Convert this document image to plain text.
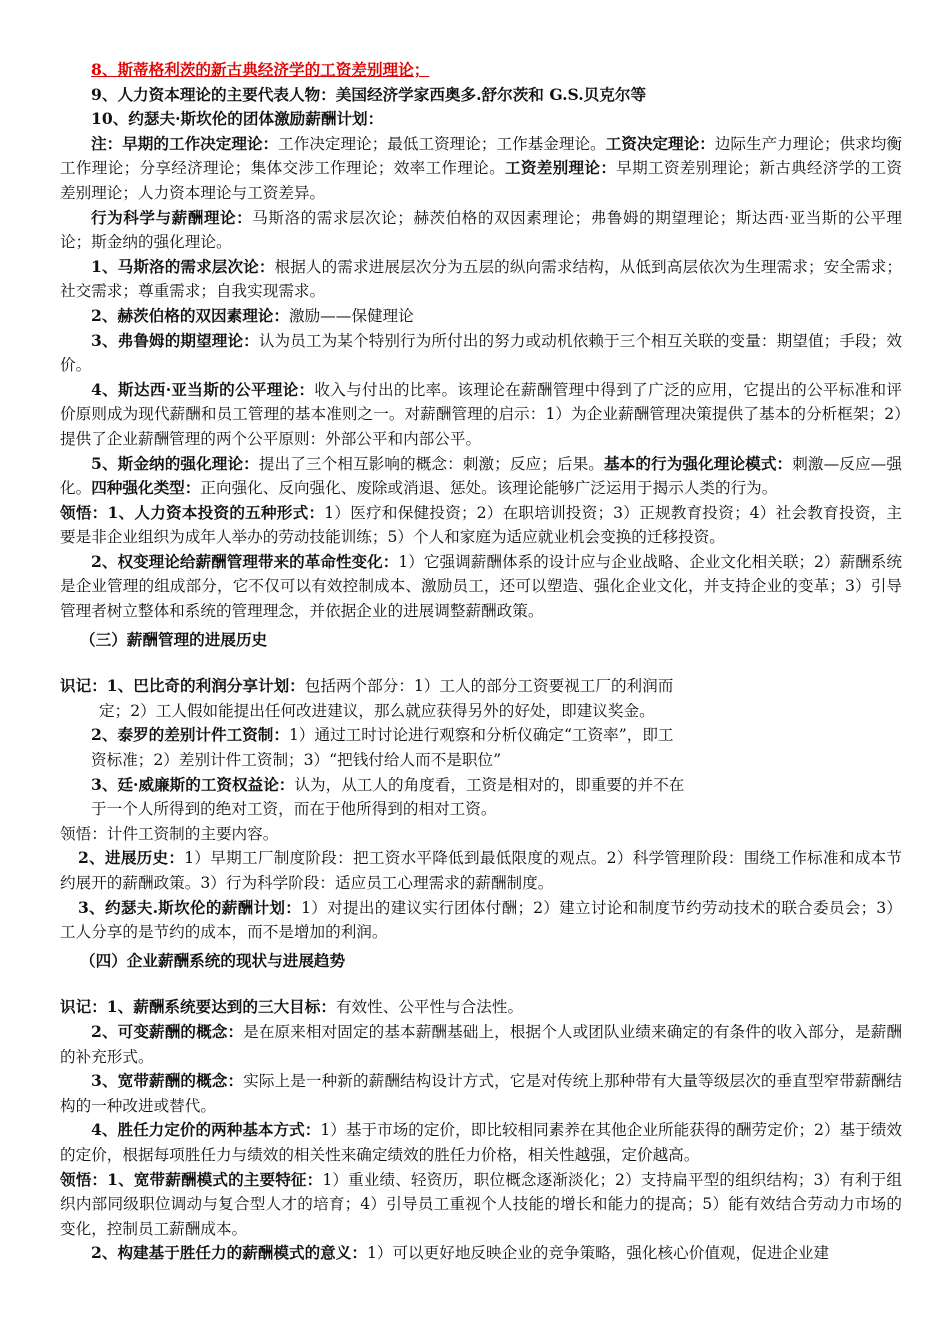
8、斯蒂格利茨的新古典经济学的工资差别理论；

9、人力资本理论的主要代表人物：美国经济学家西奥多.舒尔茨和 G.S.贝克尔等

10、约瑟夫·斯坎伦的团体激励薪酬计划：

注：早期的工作决定理论：工作决定理论；最低工资理论；工作基金理论。工资决定理论：边际生产力理论；供求均衡工作理论；分享经济理论；集体交涉工作理论；效率工作理论。工资差别理论：早期工资差别理论；新古典经济学的工资差别理论；人力资本理论与工资差异。

行为科学与薪酬理论：马斯洛的需求层次论；赫茨伯格的双因素理论；弗鲁姆的期望理论；斯达西·亚当斯的公平理论；斯金纳的强化理论。

1、马斯洛的需求层次论：根据人的需求进展层次分为五层的纵向需求结构，从低到高层依次为生理需求；安全需求；社交需求；尊重需求；自我实现需求。

2、赫茨伯格的双因素理论：激励——保健理论

3、弗鲁姆的期望理论：认为员工为某个特别行为所付出的努力或动机依赖于三个相互关联的变量：期望值；手段；效价。

4、斯达西·亚当斯的公平理论：收入与付出的比率。该理论在薪酬管理中得到了广泛的应用，它提出的公平标准和评价原则成为现代薪酬和员工管理的基本准则之一。对薪酬管理的启示：1）为企业薪酬管理决策提供了基本的分析框架；2）提供了企业薪酬管理的两个公平原则：外部公平和内部公平。

5、斯金纳的强化理论：提出了三个相互影响的概念：刺激；反应；后果。基本的行为强化理论模式：刺激—反应—强化。四种强化类型：正向强化、反向强化、废除或消退、惩处。该理论能够广泛运用于揭示人类的行为。

领悟：1、人力资本投资的五种形式：1）医疗和保健投资；2）在职培训投资；3）正规教育投资；4）社会教育投资，主要是非企业组织为成年人举办的劳动技能训练；5）个人和家庭为适应就业机会变换的迁移投资。

2、权变理论给薪酬管理带来的革命性变化：1）它强调薪酬体系的设计应与企业战略、企业文化相关联；2）薪酬系统是企业管理的组成部分，它不仅可以有效控制成本、激励员工，还可以塑造、强化企业文化，并支持企业的变革；3）引导管理者树立整体和系统的管理理念，并依据企业的进展调整薪酬政策。

（三）薪酬管理的进展历史

识记：1、巴比奇的利润分享计划：包括两个部分：1）工人的部分工资要视工厂的利润而

定；2）工人假如能提出任何改进建议，那么就应获得另外的好处，即建议奖金。

2、泰罗的差别计件工资制：1）通过工时讨论进行观察和分析仪确定“工资率”，即工

资标准；2）差别计件工资制；3）“把钱付给人而不是职位”

3、廷·威廉斯的工资权益论：认为，从工人的角度看，工资是相对的，即重要的并不在

于一个人所得到的绝对工资，而在于他所得到的相对工资。

领悟：计件工资制的主要内容。

2、进展历史：1）早期工厂制度阶段：把工资水平降低到最低限度的观点。2）科学管理阶段：围绕工作标准和成本节约展开的薪酬政策。3）行为科学阶段：适应员工心理需求的薪酬制度。

3、约瑟夫.斯坎伦的薪酬计划：1）对提出的建议实行团体付酬；2）建立讨论和制度节约劳动技术的联合委员会；3）工人分享的是节约的成本，而不是增加的利润。

（四）企业薪酬系统的现状与进展趋势

识记：1、薪酬系统要达到的三大目标：有效性、公平性与合法性。

2、可变薪酬的概念：是在原来相对固定的基本薪酬基础上，根据个人或团队业绩来确定的有条件的收入部分，是薪酬的补充形式。

3、宽带薪酬的概念：实际上是一种新的薪酬结构设计方式，它是对传统上那种带有大量等级层次的垂直型窄带薪酬结构的一种改进或替代。

4、胜任力定价的两种基本方式：1）基于市场的定价，即比较相同素养在其他企业所能获得的酬劳定价；2）基于绩效的定价，根据每项胜任力与绩效的相关性来确定绩效的胜任力价格，相关性越强，定价越高。

领悟：1、宽带薪酬模式的主要特征：1）重业绩、轻资历，职位概念逐渐淡化；2）支持扁平型的组织结构；3）有利于组织内部同级职位调动与复合型人才的培育；4）引导员工重视个人技能的增长和能力的提高；5）能有效结合劳动力市场的变化，控制员工薪酬成本。

2、构建基于胜任力的薪酬模式的意义：1）可以更好地反映企业的竞争策略，强化核心价值观，促进企业建
